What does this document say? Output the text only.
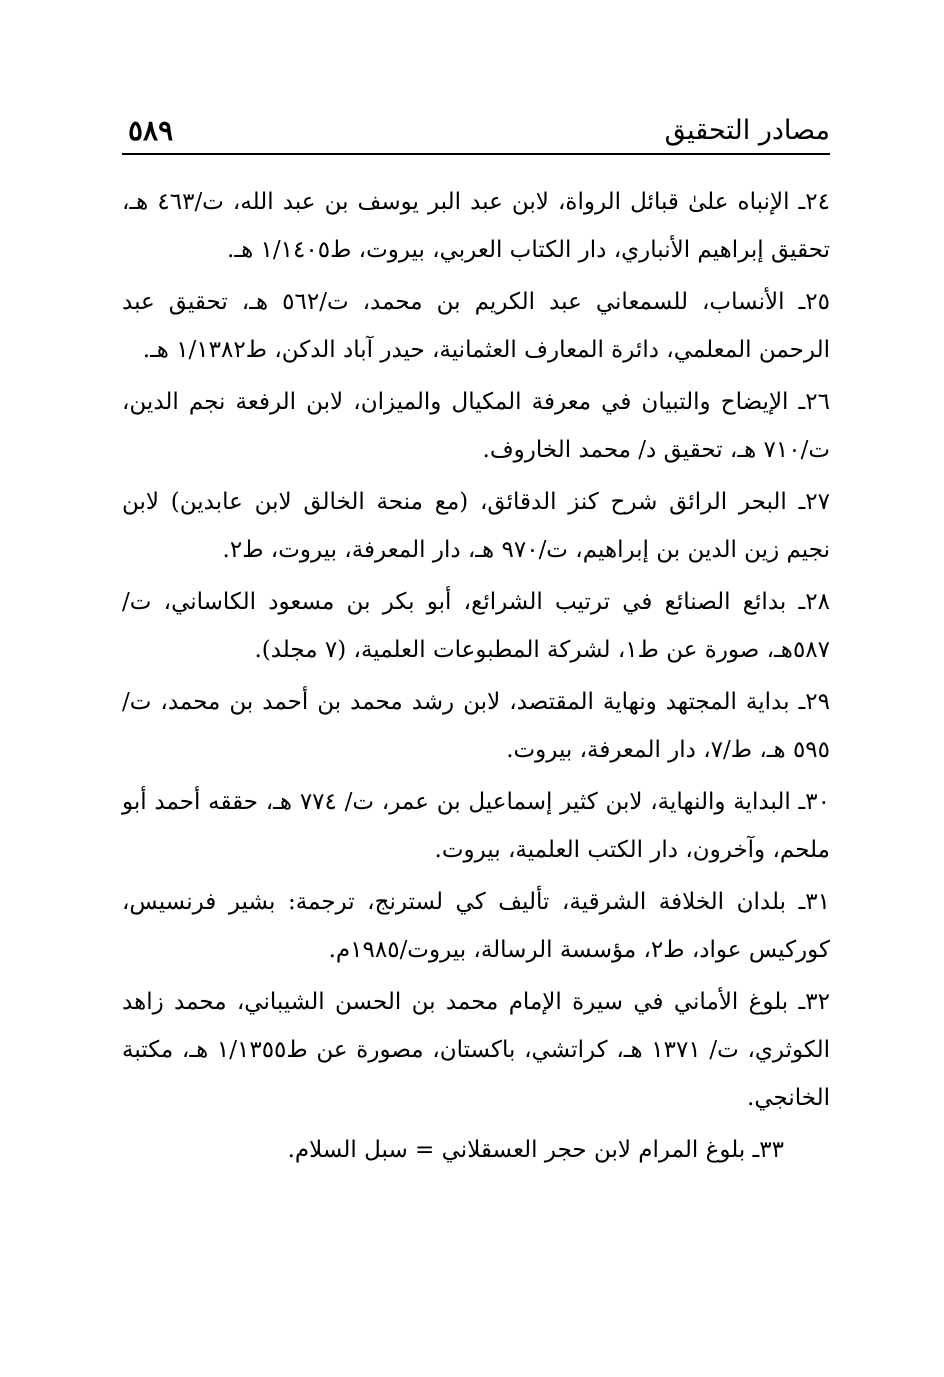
مصادر التحقيق
٥٨٩

٢٤ـ الإنباه علىٰ قبائل الرواة، لابن عبد البر يوسف بن عبد الله، ت/٤٦٣ هـ، تحقيق إبراهيم الأنباري، دار الكتاب العربي، بيروت، ط١/١٤٠٥ هـ.

٢٥ـ الأنساب، للسمعاني عبد الكريم بن محمد، ت/٥٦٢ هـ، تحقيق عبد الرحمن المعلمي، دائرة المعارف العثمانية، حيدر آباد الدكن، ط١/١٣٨٢ هـ.

٢٦ـ الإيضاح والتبيان في معرفة المكيال والميزان، لابن الرفعة نجم الدين، ت/٧١٠ هـ، تحقيق د/ محمد الخاروف.

٢٧ـ البحر الرائق شرح كنز الدقائق، (مع منحة الخالق لابن عابدين) لابن نجيم زين الدين بن إبراهيم، ت/٩٧٠ هـ، دار المعرفة، بيروت، ط٢.

٢٨ـ بدائع الصنائع في ترتيب الشرائع، أبو بكر بن مسعود الكاساني، ت/٥٨٧هـ، صورة عن ط١، لشركة المطبوعات العلمية، (٧ مجلد).

٢٩ـ بداية المجتهد ونهاية المقتصد، لابن رشد محمد بن أحمد بن محمد، ت/٥٩٥ هـ، ط/٧، دار المعرفة، بيروت.

٣٠ـ البداية والنهاية، لابن كثير إسماعيل بن عمر، ت/ ٧٧٤ هـ، حققه أحمد أبو ملحم، وآخرون، دار الكتب العلمية، بيروت.

٣١ـ بلدان الخلافة الشرقية، تأليف كي لسترنج، ترجمة: بشير فرنسيس، كوركيس عواد، ط٢، مؤسسة الرسالة، بيروت/١٩٨٥م.

٣٢ـ بلوغ الأماني في سيرة الإمام محمد بن الحسن الشيباني، محمد زاهد الكوثري، ت/ ١٣٧١ هـ، كراتشي، باكستان، مصورة عن ط١/١٣٥٥ هـ، مكتبة الخانجي.

٣٣ـ بلوغ المرام لابن حجر العسقلاني = سبل السلام.
